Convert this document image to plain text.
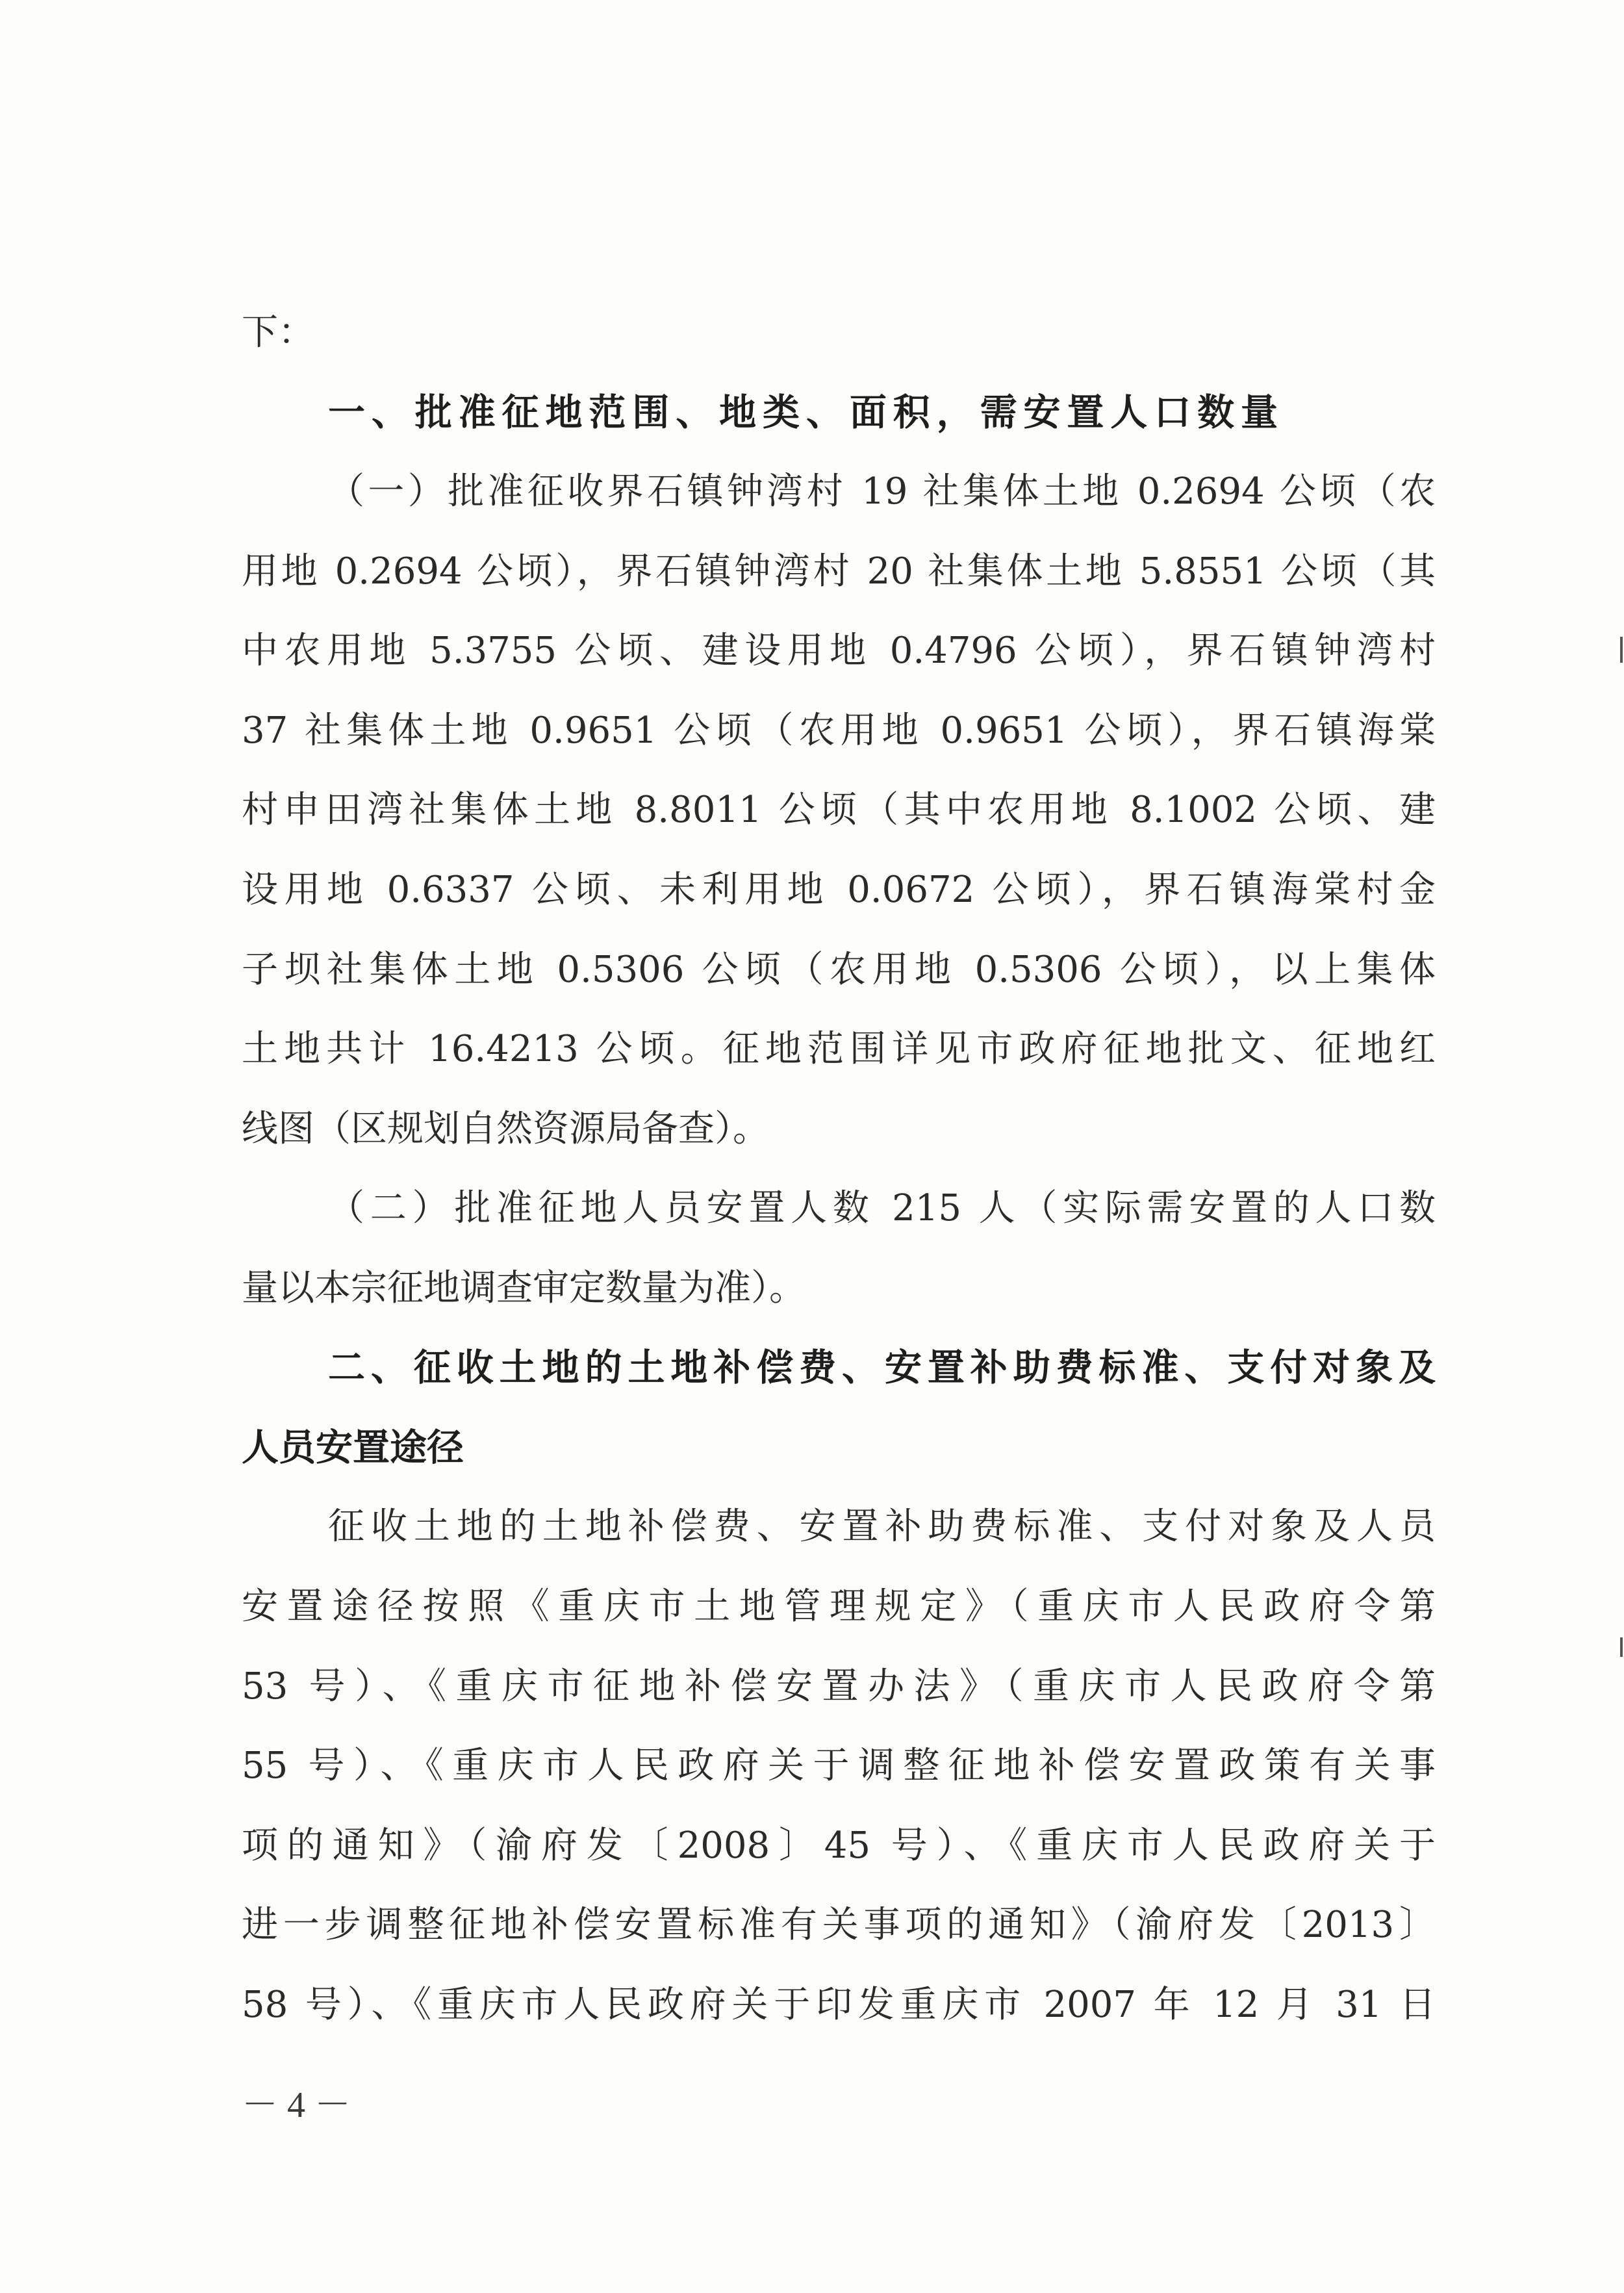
下：
一、批准征地范围、地类、面积，需安置人口数量
（一）批准征收界石镇钟湾村 19 社集体土地 0.2694 公顷（农
用地 0.2694 公顷），界石镇钟湾村 20 社集体土地 5.8551 公顷（其
中农用地 5.3755 公顷、建设用地 0.4796 公顷），界石镇钟湾村
37 社集体土地 0.9651 公顷（农用地 0.9651 公顷），界石镇海棠
村申田湾社集体土地 8.8011 公顷（其中农用地 8.1002 公顷、建
设用地 0.6337 公顷、未利用地 0.0672 公顷），界石镇海棠村金
子坝社集体土地 0.5306 公顷（农用地 0.5306 公顷），以上集体
土地共计 16.4213 公顷。征地范围详见市政府征地批文、征地红
线图（区规划自然资源局备查）。
（二）批准征地人员安置人数 215 人（实际需安置的人口数
量以本宗征地调查审定数量为准）。
二、征收土地的土地补偿费、安置补助费标准、支付对象及
人员安置途径
征收土地的土地补偿费、安置补助费标准、支付对象及人员
安置途径按照《重庆市土地管理规定》（重庆市人民政府令第
53 号）、《重庆市征地补偿安置办法》（重庆市人民政府令第
55 号）、《重庆市人民政府关于调整征地补偿安置政策有关事
项的通知》（渝府发〔2008〕45 号）、《重庆市人民政府关于
进一步调整征地补偿安置标准有关事项的通知》（渝府发〔2013〕
58 号）、《重庆市人民政府关于印发重庆市 2007 年 12 月 31 日
－ 4 －
